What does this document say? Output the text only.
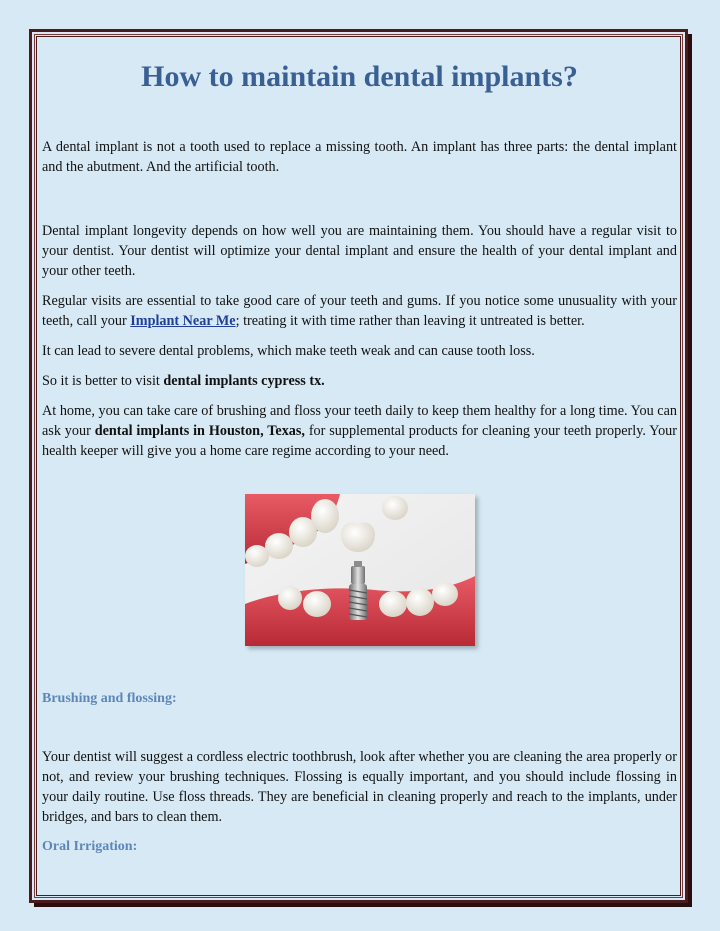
How to maintain dental implants?

A dental implant is not a tooth used to replace a missing tooth. An implant has three parts: the dental implant and the abutment. And the artificial tooth.

Dental implant longevity depends on how well you are maintaining them. You should have a regular visit to your dentist. Your dentist will optimize your dental implant and ensure the health of your dental implant and your other teeth.

Regular visits are essential to take good care of your teeth and gums. If you notice some unusuality with your teeth, call your Implant Near Me; treating it with time rather than leaving it untreated is better.

It can lead to severe dental problems, which make teeth weak and can cause tooth loss.

So it is better to visit dental implants cypress tx.

At home, you can take care of brushing and floss your teeth daily to keep them healthy for a long time. You can ask your dental implants in Houston, Texas, for supplemental products for cleaning your teeth properly. Your health keeper will give you a home care regime according to your need.

Brushing and flossing:

Your dentist will suggest a cordless electric toothbrush, look after whether you are cleaning the area properly or not, and review your brushing techniques. Flossing is equally important, and you should include flossing in your daily routine. Use floss threads. They are beneficial in cleaning properly and reach to the implants, under bridges, and bars to clean them.

Oral Irrigation:
